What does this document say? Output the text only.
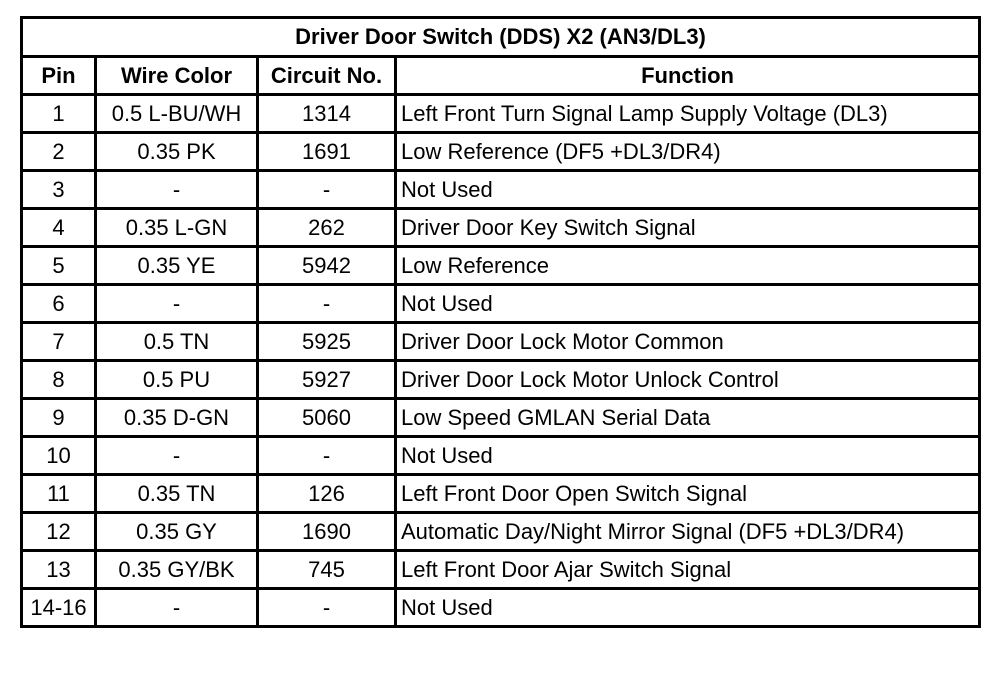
Driver Door Switch (DDS) X2 (AN3/DL3)			
Pin	Wire Color	Circuit No.	Function
1	0.5 L-BU/WH	1314	Left Front Turn Signal Lamp Supply Voltage (DL3)
2	0.35 PK	1691	Low Reference (DF5 +DL3/DR4)
3	-	-	Not Used
4	0.35 L-GN	262	Driver Door Key Switch Signal
5	0.35 YE	5942	Low Reference
6	-	-	Not Used
7	0.5 TN	5925	Driver Door Lock Motor Common
8	0.5 PU	5927	Driver Door Lock Motor Unlock Control
9	0.35 D-GN	5060	Low Speed GMLAN Serial Data
10	-	-	Not Used
11	0.35 TN	126	Left Front Door Open Switch Signal
12	0.35 GY	1690	Automatic Day/Night Mirror Signal (DF5 +DL3/DR4)
13	0.35 GY/BK	745	Left Front Door Ajar Switch Signal
14-16	-	-	Not Used
